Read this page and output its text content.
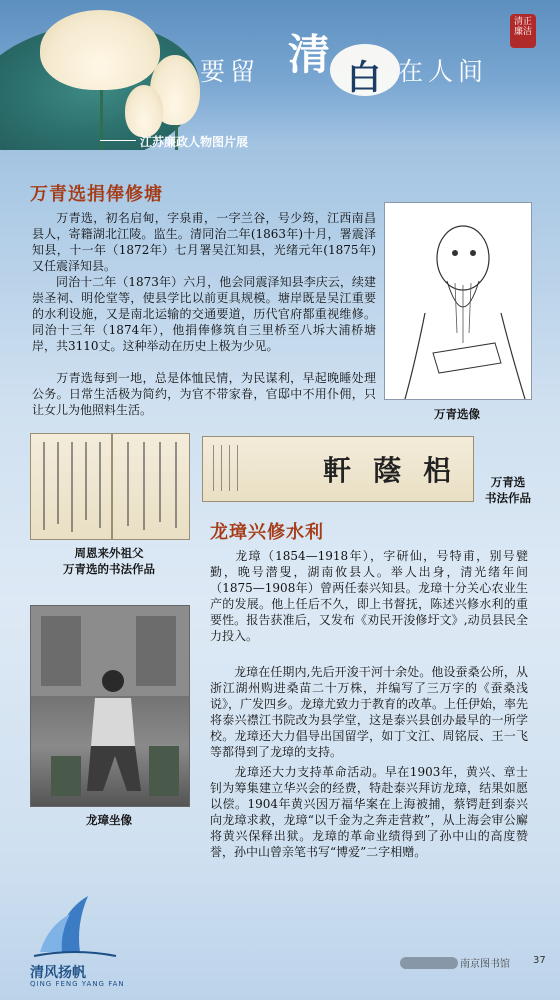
要留 清 白 在人间
清正廉洁
江苏廉政人物图片展
万青选捐俸修塘

万青选，初名启甸，字泉甫，一字兰谷，号少筠，江西南昌县人，寄籍湖北江陵。监生。清同治二年(1863年)十月，署震泽知县，十一年（1872年）七月署吴江知县，光绪元年(1875年)又任震泽知县。

同治十二年（1873年）六月，他会同震泽知县李庆云，续建崇圣祠、明伦堂等，使县学比以前更具规模。塘岸既是吴江重要的水利设施，又是南北运输的交通要道，历代官府都重视维修。同治十三年（1874年），他捐俸修筑自三里桥至八坼大浦桥塘岸，共3110丈。这种举动在历史上极为少见。

万青选每到一地，总是体恤民情，为民谋利，早起晚睡处理公务。日常生活极为简约，为官不带家眷，官邸中不用仆佣，只让女儿为他照料生活。	万青选像
周恩来外祖父
万青选的书法作品
軒 蔭 梠	万青选
书法作品
龙璋兴修水利

龙璋（1854—1918年），字研仙，号特甫，别号甓勤，晚号潜叟，湖南攸县人。举人出身，清光绪年间（1875—1908年）曾两任泰兴知县。龙璋十分关心农业生产的发展。他上任后不久，即上书督抚，陈述兴修水利的重要性。报告获准后，又发布《劝民开浚修圩文》,动员县民全力投入。

龙璋在任期内,先后开浚干河十余处。他设蚕桑公所，从浙江湖州购进桑苗二十万株，并编写了三万字的《蚕桑浅说》，广发四乡。龙璋尤致力于教育的改革。上任伊始，率先将泰兴襟江书院改为县学堂，这是泰兴县创办最早的一所学校。龙璋还大力倡导出国留学，如丁文江、周铭辰、王一飞等都得到了龙璋的支持。

龙璋还大力支持革命活动。早在1903年，黄兴、章士钊为筹集建立华兴会的经费，特赴泰兴拜访龙璋，结果如愿以偿。1904年黄兴因万福华案在上海被捕，蔡锷赶到泰兴向龙璋求救，龙璋“以千金为之奔走营救”，从上海会审公廨将黄兴保释出狱。龙璋的革命业绩得到了孙中山的高度赞誉，孙中山曾亲笔书写“博爱”二字相赠。

龙璋坐像
清风扬帆
QING FENG YANG FAN
南京图书馆 37
